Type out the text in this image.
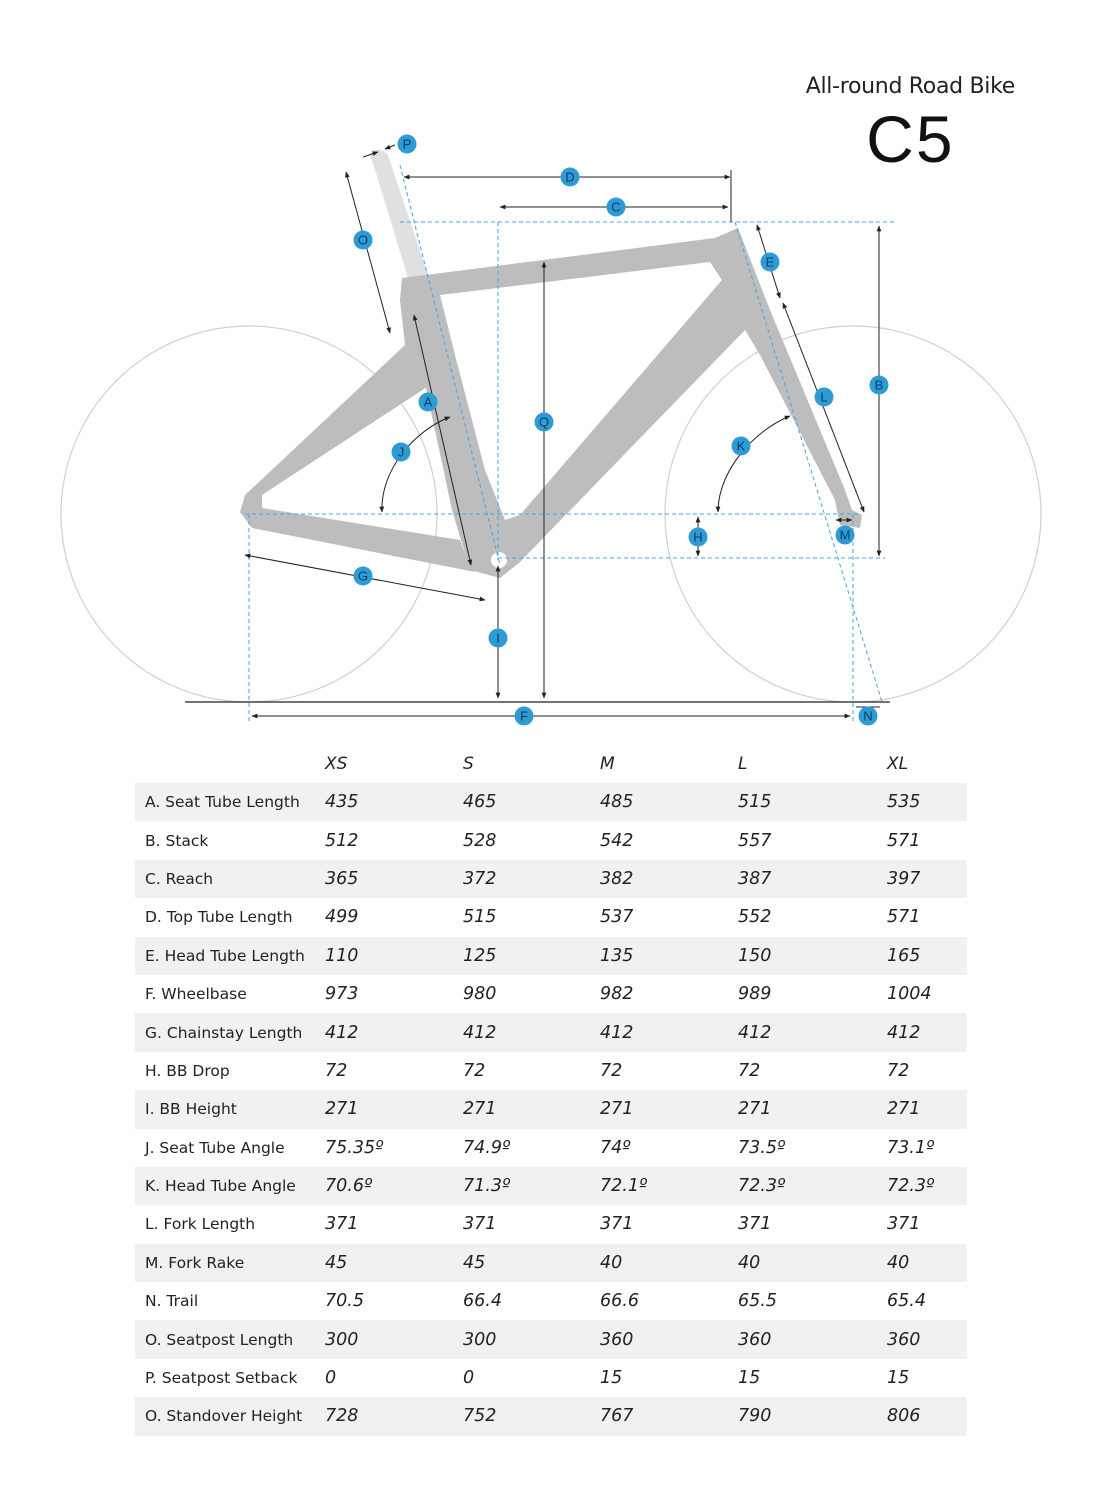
All-round Road Bike
C5
P
D
C
O
E
B
A
Q
L
J	K
H	M
G
I
F	N
	XS	S	M	L	XL
A. Seat Tube Length	435	465	485	515	535
B. Stack	512	528	542	557	571
C. Reach	365	372	382	387	397
D. Top Tube Length	499	515	537	552	571
E. Head Tube Length	110	125	135	150	165
F. Wheelbase	973	980	982	989	1004
G. Chainstay Length	412	412	412	412	412
H. BB Drop	72	72	72	72	72
I. BB Height	271	271	271	271	271
J. Seat Tube Angle	75.35º	74.9º	74º	73.5º	73.1º
K. Head Tube Angle	70.6º	71.3º	72.1º	72.3º	72.3º
L. Fork Length	371	371	371	371	371
M. Fork Rake	45	45	40	40	40
N. Trail	70.5	66.4	66.6	65.5	65.4
O. Seatpost Length	300	300	360	360	360
P. Seatpost Setback	0	0	15	15	15
O. Standover Height	728	752	767	790	806
